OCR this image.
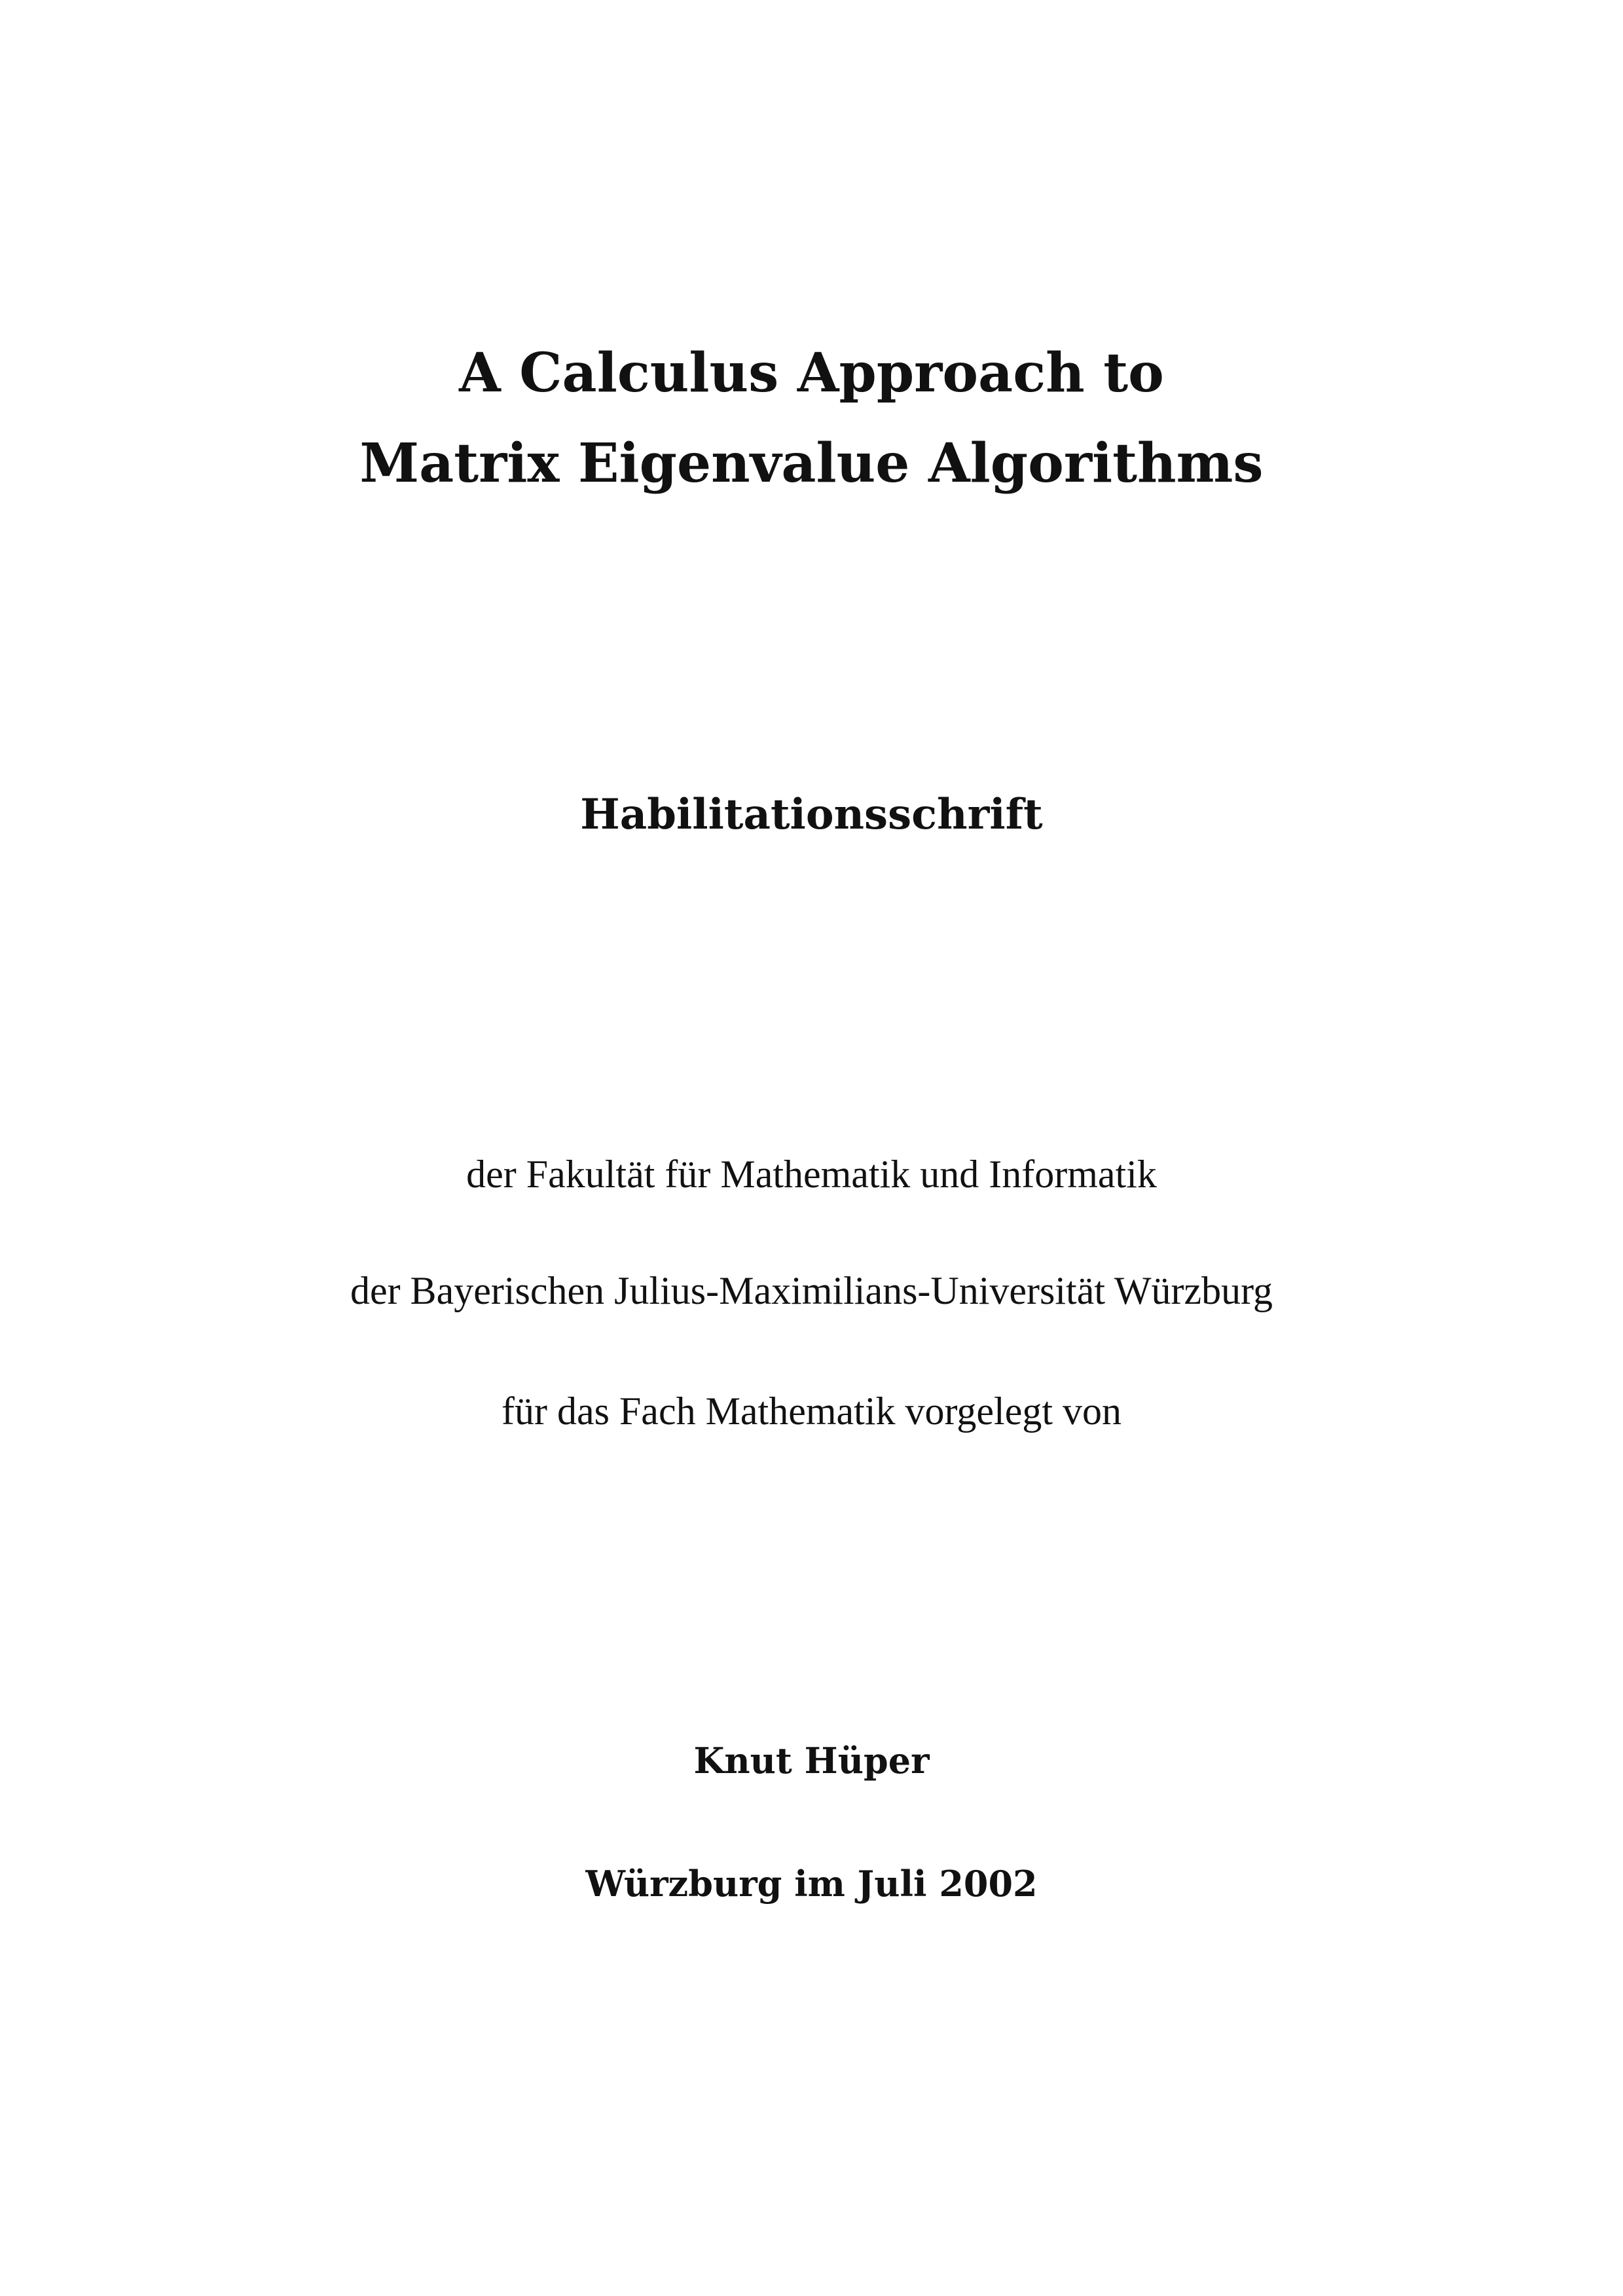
A Calculus Approach to
Matrix Eigenvalue Algorithms
Habilitationsschrift
der Fakultät für Mathematik und Informatik
der Bayerischen Julius-Maximilians-Universität Würzburg
für das Fach Mathematik vorgelegt von
Knut Hüper
Würzburg im Juli 2002
